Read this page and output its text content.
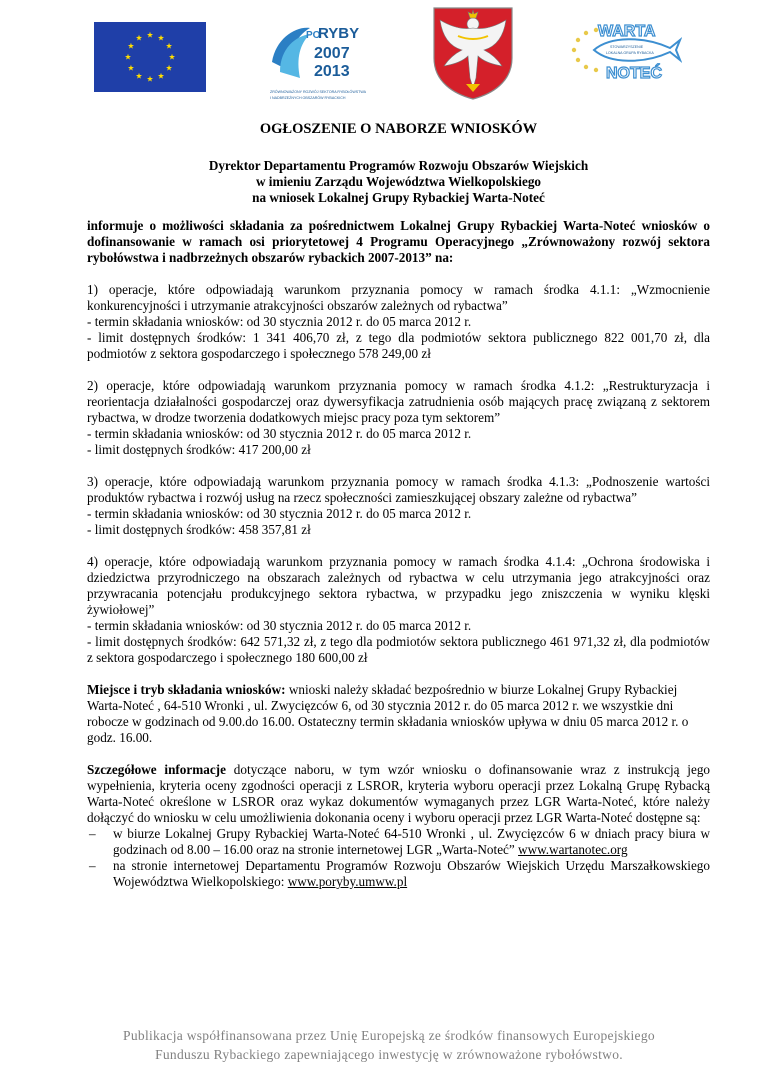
PO
RYBY
2007
2013
ZRÓWNOWAŻONY ROZWÓJ SEKTORA RYBOŁÓWSTWA
I NADBRZEŻNYCH OBSZARÓW RYBACKICH
WARTA
NOTEĆ
STOWARZYSZENIE
LOKALNA GRUPA RYBACKA

OGŁOSZENIE O NABORZE WNIOSKÓW

Dyrektor Departamentu Programów Rozwoju Obszarów Wiejskich

w imieniu Zarządu Województwa Wielkopolskiego

na wniosek Lokalnej Grupy Rybackiej Warta-Noteć

informuje o możliwości składania za pośrednictwem Lokalnej Grupy Rybackiej Warta-Noteć wniosków o dofinansowanie w ramach osi priorytetowej 4 Programu Operacyjnego „Zrównoważony rozwój sektora rybołówstwa i nadbrzeżnych obszarów rybackich 2007-2013” na:

1) operacje, które odpowiadają warunkom przyznania pomocy w ramach środka 4.1.1: „Wzmocnienie konkurencyjności i utrzymanie atrakcyjności obszarów zależnych od rybactwa”

- termin składania wniosków: od 30 stycznia 2012 r. do 05 marca 2012 r.

- limit dostępnych środków: 1 341 406,70 zł, z tego dla podmiotów sektora publicznego 822 001,70 zł, dla podmiotów z sektora gospodarczego i społecznego 578 249,00 zł

2) operacje, które odpowiadają warunkom przyznania pomocy w ramach środka 4.1.2: „Restrukturyzacja i reorientacja działalności gospodarczej oraz dywersyfikacja zatrudnienia osób mających pracę związaną z sektorem rybactwa, w drodze tworzenia dodatkowych miejsc pracy poza tym sektorem”

- termin składania wniosków: od 30 stycznia 2012 r. do 05 marca 2012 r.

- limit dostępnych środków: 417 200,00 zł

3) operacje, które odpowiadają warunkom przyznania pomocy w ramach środka 4.1.3: „Podnoszenie wartości produktów rybactwa i rozwój usług na rzecz społeczności zamieszkującej obszary zależne od rybactwa”

- termin składania wniosków: od 30 stycznia 2012 r. do 05 marca 2012 r.

- limit dostępnych środków: 458 357,81 zł

4) operacje, które odpowiadają warunkom przyznania pomocy w ramach środka 4.1.4: „Ochrona środowiska i dziedzictwa przyrodniczego na obszarach zależnych od rybactwa w celu utrzymania jego atrakcyjności oraz przywracania potencjału produkcyjnego sektora rybactwa, w przypadku jego zniszczenia w wyniku klęski żywiołowej”

- termin składania wniosków: od 30 stycznia 2012 r. do 05 marca 2012 r.

- limit dostępnych środków: 642 571,32 zł, z tego dla podmiotów sektora publicznego 461 971,32 zł, dla podmiotów z sektora gospodarczego i społecznego 180 600,00 zł

Miejsce i tryb składania wniosków: wnioski należy składać bezpośrednio w biurze Lokalnej Grupy Rybackiej Warta-Noteć , 64-510 Wronki , ul. Zwycięzców 6, od 30 stycznia 2012 r. do 05 marca 2012 r. we wszystkie dni robocze w godzinach od 9.00.do 16.00. Ostateczny termin składania wniosków upływa w dniu 05 marca 2012 r. o godz. 16.00.

Szczegółowe informacje dotyczące naboru, w tym wzór wniosku o dofinansowanie wraz z instrukcją jego wypełnienia, kryteria oceny zgodności operacji z LSROR, kryteria wyboru operacji przez Lokalną Grupę Rybacką Warta-Noteć określone w LSROR oraz wykaz dokumentów wymaganych przez LGR Warta-Noteć, które należy dołączyć do wniosku w celu umożliwienia dokonania oceny i wyboru operacji przez LGR Warta-Noteć dostępne są:

– w biurze Lokalnej Grupy Rybackiej Warta-Noteć 64-510 Wronki , ul. Zwycięzców 6 w dniach pracy biura w godzinach od 8.00 – 16.00 oraz na stronie internetowej LGR „Warta-Noteć” www.wartanotec.org
– na stronie internetowej Departamentu Programów Rozwoju Obszarów Wiejskich Urzędu Marszałkowskiego Województwa Wielkopolskiego: www.poryby.umww.pl

Publikacja współfinansowana przez Unię Europejską ze środków finansowych Europejskiego

Funduszu Rybackiego zapewniającego inwestycję w zrównoważone rybołówstwo.
